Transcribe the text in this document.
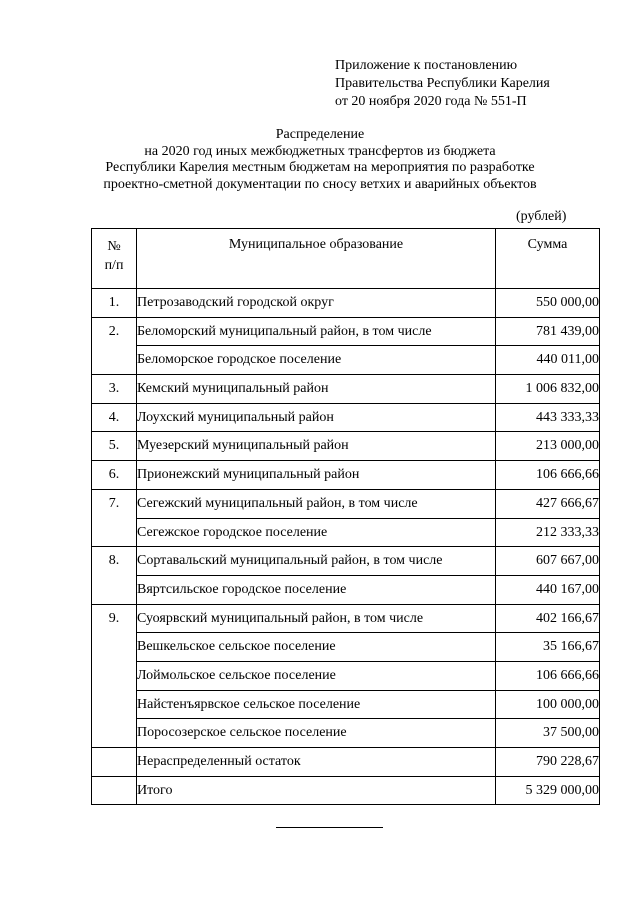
Приложение к постановлению
Правительства Республики Карелия
от 20 ноября 2020 года № 551-П
Распределение
на 2020 год иных межбюджетных трансфертов из бюджета
Республики Карелия местным бюджетам на мероприятия по разработке
проектно-сметной документации по сносу ветхих и аварийных объектов
(рублей)
№
п/п	Муниципальное образование	Сумма
1.	Петрозаводский городской округ	550 000,00
2.	Беломорский муниципальный район, в том числе	781 439,00
	Беломорское городское поселение	440 011,00
3.	Кемский муниципальный район	1 006 832,00
4.	Лоухский муниципальный район	443 333,33
5.	Муезерский муниципальный район	213 000,00
6.	Прионежский муниципальный район	106 666,66
7.	Сегежский муниципальный район, в том числе	427 666,67
	Сегежское городское поселение	212 333,33
8.	Сортавальский муниципальный район, в том числе	607 667,00
	Вяртсильское городское поселение	440 167,00
9.	Суоярвский муниципальный район, в том числе	402 166,67
	Вешкельское сельское поселение	35 166,67
	Лоймольское сельское поселение	106 666,66
	Найстенъярвское сельское поселение	100 000,00
	Поросозерское сельское поселение	37 500,00
	Нераспределенный остаток	790 228,67
	Итого	5 329 000,00
